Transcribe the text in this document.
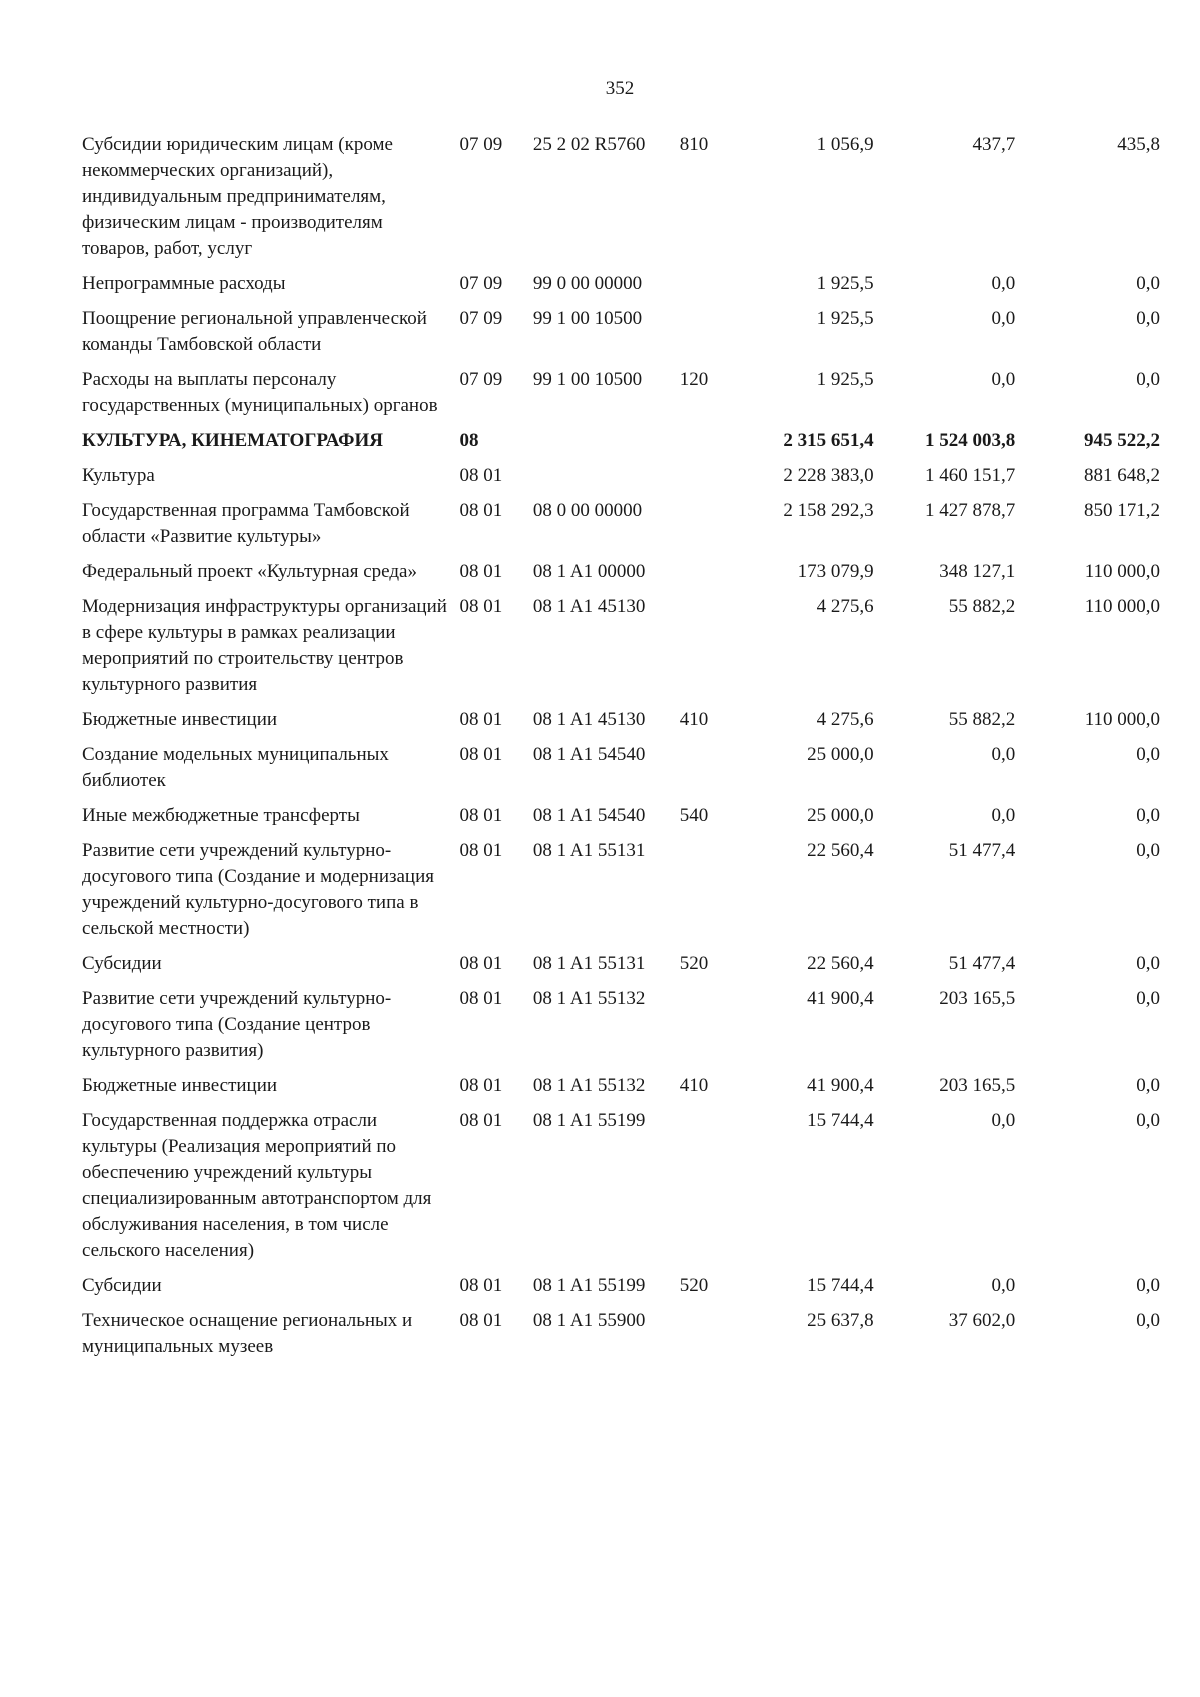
352
Субсидии юридическим лицам (кроме некоммерческих организаций), индивидуальным предпринимателям, физическим лицам - производителям товаров, работ, услуг	07 09	25 2 02 R5760	810	1 056,9	437,7	435,8
Непрограммные расходы	07 09	99 0 00 00000		1 925,5	0,0	0,0
Поощрение региональной управленческой команды Тамбовской области	07 09	99 1 00 10500		1 925,5	0,0	0,0
Расходы на выплаты персоналу государственных (муниципальных) органов	07 09	99 1 00 10500	120	1 925,5	0,0	0,0
КУЛЬТУРА, КИНЕМАТОГРАФИЯ	08			2 315 651,4	1 524 003,8	945 522,2
Культура	08 01			2 228 383,0	1 460 151,7	881 648,2
Государственная программа Тамбовской области «Развитие культуры»	08 01	08 0 00 00000		2 158 292,3	1 427 878,7	850 171,2
Федеральный проект «Культурная среда»	08 01	08 1 A1 00000		173 079,9	348 127,1	110 000,0
Модернизация инфраструктуры организаций в сфере культуры в рамках реализации мероприятий по строительству центров культурного развития	08 01	08 1 A1 45130		4 275,6	55 882,2	110 000,0
Бюджетные инвестиции	08 01	08 1 A1 45130	410	4 275,6	55 882,2	110 000,0
Создание модельных муниципальных библиотек	08 01	08 1 A1 54540		25 000,0	0,0	0,0
Иные межбюджетные трансферты	08 01	08 1 A1 54540	540	25 000,0	0,0	0,0
Развитие сети учреждений культурно-досугового типа (Создание и модернизация учреждений культурно-досугового типа в сельской местности)	08 01	08 1 A1 55131		22 560,4	51 477,4	0,0
Субсидии	08 01	08 1 A1 55131	520	22 560,4	51 477,4	0,0
Развитие сети учреждений культурно-досугового типа (Создание центров культурного развития)	08 01	08 1 A1 55132		41 900,4	203 165,5	0,0
Бюджетные инвестиции	08 01	08 1 A1 55132	410	41 900,4	203 165,5	0,0
Государственная поддержка отрасли культуры (Реализация мероприятий по обеспечению учреждений культуры специализированным автотранспортом для обслуживания населения, в том числе сельского населения)	08 01	08 1 A1 55199		15 744,4	0,0	0,0
Субсидии	08 01	08 1 A1 55199	520	15 744,4	0,0	0,0
Техническое оснащение региональных и муниципальных музеев	08 01	08 1 A1 55900		25 637,8	37 602,0	0,0
